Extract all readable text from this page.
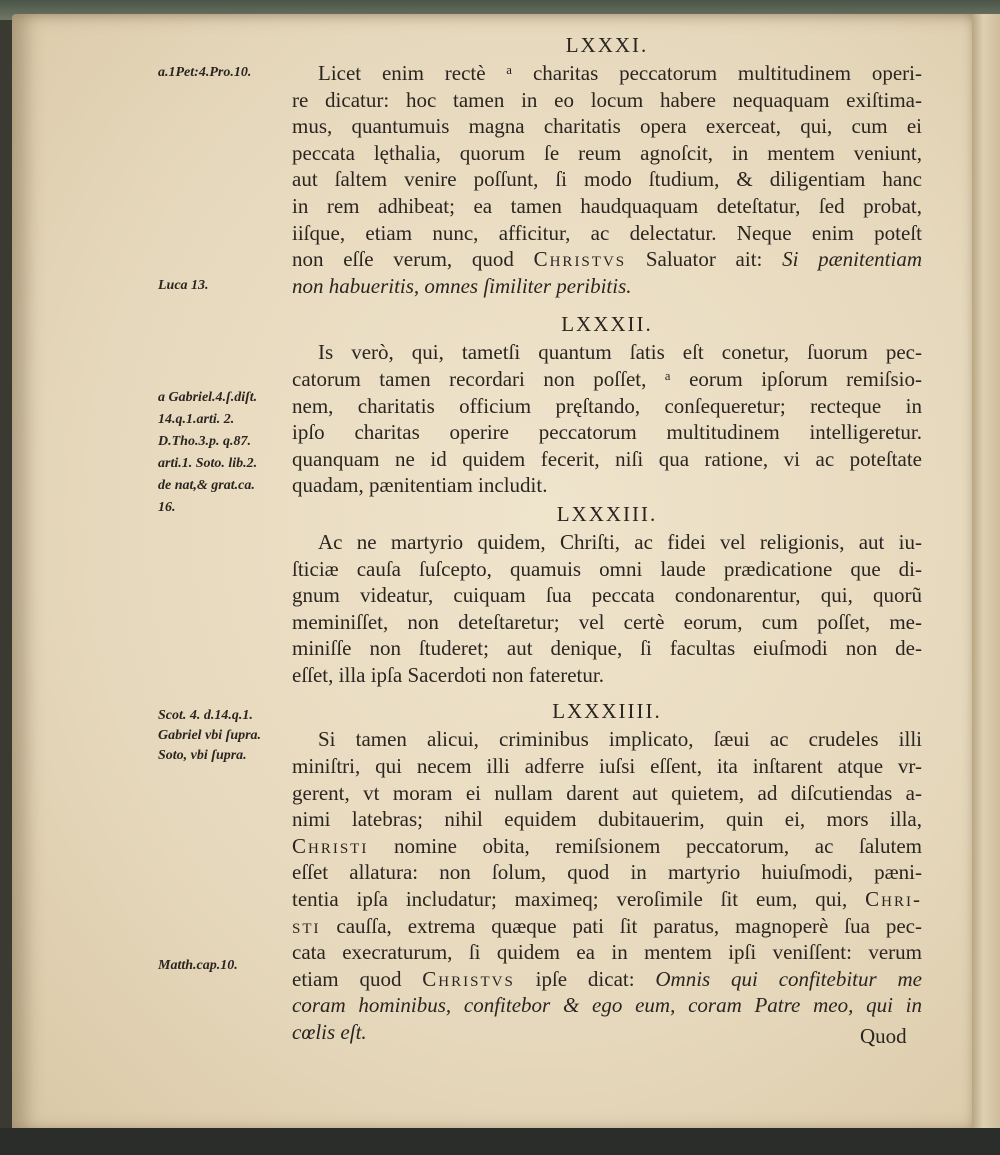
LXXXI.
Licet enim rectè ᵃ charitas peccatorum multitudinem operi-
re dicatur: hoc tamen in eo locum habere nequaquam exiſtima-
mus, quantumuis magna charitatis opera exerceat, qui, cum ei
peccata lęthalia, quorum ſe reum agnoſcit, in mentem veniunt,
aut ſaltem venire poſſunt, ſi modo ſtudium, & diligentiam hanc
in rem adhibeat; ea tamen haudquaquam deteſtatur, ſed probat,
iiſque, etiam nunc, afficitur, ac delectatur. Neque enim poteſt
non eſſe verum, quod Christvs Saluator ait: Si pænitentiam
non habueritis, omnes ſimiliter peribitis.
LXXXII.
Is verò, qui, tametſi quantum ſatis eſt conetur, ſuorum pec-
catorum tamen recordari non poſſet, ᵃ eorum ipſorum remiſsio-
nem, charitatis officium pręſtando, conſequeretur; recteque in
ipſo charitas operire peccatorum multitudinem intelligeretur.
quanquam ne id quidem fecerit, niſi qua ratione, vi ac poteſtate
quadam, pænitentiam includit.
LXXXIII.
Ac ne martyrio quidem, Chriſti, ac fidei vel religionis, aut iu-
ſticiæ cauſa ſuſcepto, quamuis omni laude prædicatione que di-
gnum videatur, cuiquam ſua peccata condonarentur, qui, quorũ
meminiſſet, non deteſtaretur; vel certè eorum, cum poſſet, me-
miniſſe non ſtuderet; aut denique, ſi facultas eiuſmodi non de-
eſſet, illa ipſa Sacerdoti non fateretur.
LXXXIIII.
Si tamen alicui, criminibus implicato, ſæui ac crudeles illi
miniſtri, qui necem illi adferre iuſsi eſſent, ita inſtarent atque vr-
gerent, vt moram ei nullam darent aut quietem, ad diſcutiendas a-
nimi latebras; nihil equidem dubitauerim, quin ei, mors illa,
Christi nomine obita, remiſsionem peccatorum, ac ſalutem
eſſet allatura: non ſolum, quod in martyrio huiuſmodi, pæni-
tentia ipſa includatur; maximeq; veroſimile ſit eum, qui, Chri-
sti cauſſa, extrema quæque pati ſit paratus, magnoperè ſua pec-
cata execraturum, ſi quidem ea in mentem ipſi veniſſent: verum
etiam quod Christvs ipſe dicat: Omnis qui confitebitur me
coram hominibus, confitebor & ego eum, coram Patre meo, qui in
cœlis eſt.
a.1Pet:4.Pro.10.
Luca 13.
a Gabriel.4.ſ.diſt.
14.q.1.arti. 2.
D.Tho.3.p. q.87.
arti.1. Soto. lib.2.
de nat,& grat.ca.
16.
Scot. 4. d.14.q.1.
Gabriel vbi ſupra.
Soto, vbi ſupra.
Matth.cap.10.
Quod
